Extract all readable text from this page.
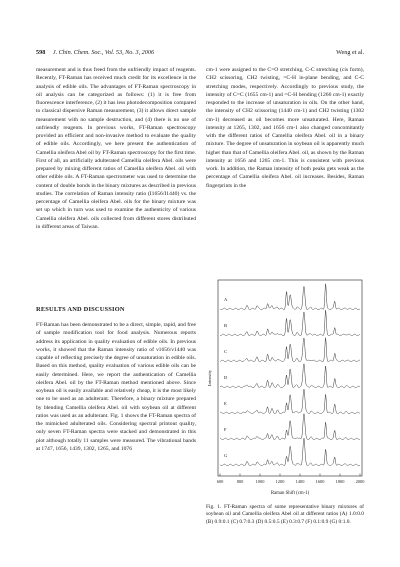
598 J. Chin. Chem. Soc., Vol. 53, No. 3, 2006	Weng et al.

measurement and is thus freed from the unfriendly impact of reagents. Recently, FT-Raman has received much credit for its excellence in the analysis of edible oils. The advantages of FT-Raman spectroscopy in oil analysis can be categorized as follows: (1) it is free from fluorescence interference, (2) it has less photodecomposition compared to classical dispersive Raman measurement, (3) it allows direct sample measurement with no sample destruction, and (4) there is no use of unfriendly reagents. In previous works, FT-Raman spectroscopy provided an efficient and non-invasive method to evaluate the quality of edible oils. Accordingly, we here present the authentication of Camellia oleifera Abel oil by FT-Raman spectroscopy for the first time. First of all, an artificially adulterated Camellia oleifera Abel. oils were prepared by mixing different ratios of Camellia oleifera Abel. oil with other edible oils. A FT-Raman spectrometer was used to determine the content of double bonds in the binary mixtures as described in previous studies. The correlation of Raman intensity ratio (I1656/I1440) vs. the percentage of Camellia oleifera Abel. oils for the binary mixture was set up which in turn was used to examine the authenticity of various Camellia oleifera Abel. oils collected from different stores distributed in different areas of Taiwan.

RESULTS AND DISCUSSION

FT-Raman has been demonstrated to be a direct, simple, rapid, and free of sample modification tool for food analysis. Numerous reports address its application in quality evaluation of edible oils. In previous works, it showed that the Raman intensity ratio of ν1656/ν1440 was capable of reflecting precisely the degree of unsaturation in edible oils. Based on this method, quality evaluation of various edible oils can be easily determined. Here, we report the authentication of Camellia oleifera Abel. oil by the FT-Raman method mentioned above. Since soybean oil is easily available and relatively cheap, it is the most likely one to be used as an adulterant. Therefore, a binary mixture prepared by blending Camellia oleifera Abel. oil with soybean oil at different ratios was used as an adulterant. Fig. 1 shows the FT-Raman spectra of the mimicked adulterated oils. Considering spectral printout quality, only seven FT-Raman spectra were stacked and demonstrated in this plot although totally 11 samples were measured. The vibrational bands at 1747, 1656, 1439, 1302, 1265, and 1076

cm-1 were assigned to the C=O stretching, C-C stretching (cis form), CH2 scissoring, CH2 twisting, =C-H in-plane bending, and C-C stretching modes, respectively. Accordingly to previous study, the intensity of C=C (1655 cm-1) and =C-H bending (1266 cm-1) exactly responded to the increase of unsaturation in oils. On the other hand, the intensity of CH2 scissoring (1440 cm-1) and CH2 twisting (1302 cm-1) decreased as oil becomes more unsaturated. Here, Raman intensity at 1265, 1302, and 1656 cm-1 also changed concomitantly with the different ratios of Camellia oleifera Abel. oil in a binary mixture. The degree of unsaturation in soybean oil is apparently much higher than that of Camellia oleifera Abel. oil, as shown by the Raman intensity at 1656 and 1265 cm-1. This is consistent with previous work. In addition, the Raman intensity of both peaks gets weak as the percentage of Camellia oleifera Abel. oil increases. Besides, Raman fingerprints in the

Intensity
Raman Shift (cm-1)
A
B
C
D
E
F
G
600	800	1000	1200	1400	1600	1800	2000
Fig. 1. FT-Raman spectra of some representative binary mixtures of soybean oil and Camellia oleifera Abel oil at different ratios (A) 1.0:0.0 (B) 0.9:0.1 (C) 0.7:0.3 (D) 0.5:0.5 (E) 0.3:0.7 (F) 0.1:0.9 (G) 0:1.0.
